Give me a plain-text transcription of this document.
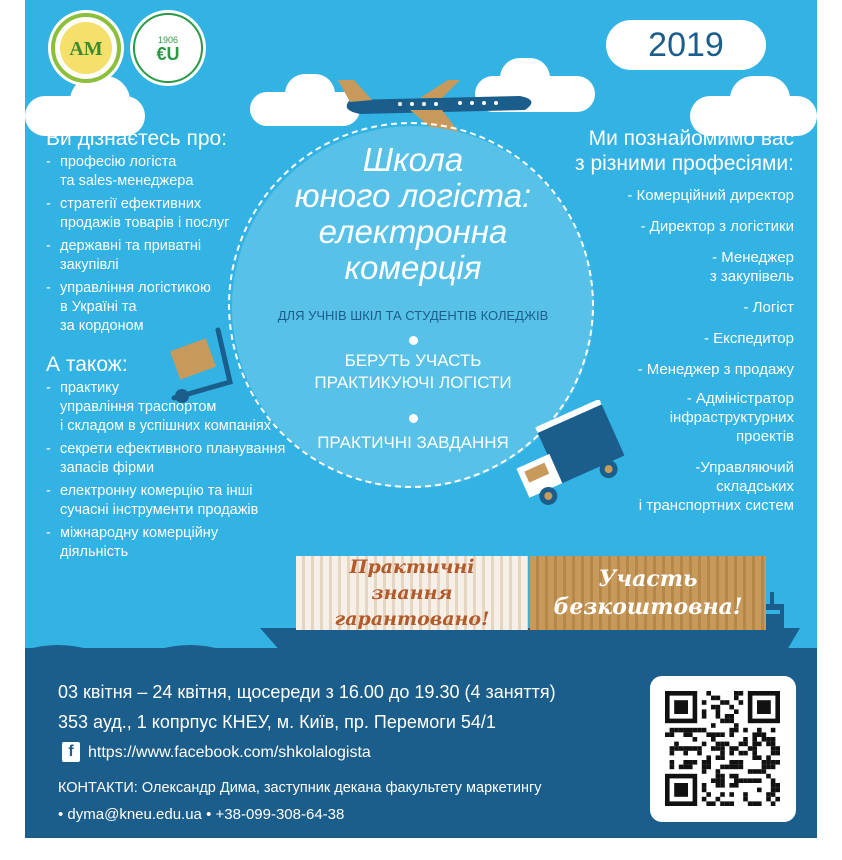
АМ	1906
€U	2019
Школа
юного логіста:
електронна
комерція
ДЛЯ УЧНІВ ШКІЛ ТА СТУДЕНТІВ КОЛЕДЖІВ
БЕРУТЬ УЧАСТЬ
ПРАКТИКУЮЧІ ЛОГІСТИ
ПРАКТИЧНІ ЗАВДАННЯ
Ви дізнаєтесь про:
- професію логіста
та sales-менеджера
- стратегії ефективних
продажів товарів і послуг
- державні та приватні
закупівлі
- управління логістикою
в Україні та
за кордоном
А також:
- практику
управління траспортом
і складом в успішних компаніях
- секрети ефективного планування
запасів фірми
- електронну комерцію та інші
сучасні інструменти продажів
- міжнародну комерційну
діяльність
Ми познайомимо вас
з різними професіями:
- Комерційний директор
- Директор з логістики
- Менеджер
з закупівель
- Логіст
- Експедитор
- Менеджер з продажу
- Адміністратор
інфраструктурних
проектів
-Управляючий
складських
і транспортних систем
Практичні
знання гарантовано!
Участь
безкоштовна!
03 квітня – 24 квітня, щосереди з 16.00 до 19.30 (4 заняття)
353 ауд., 1 копрпус КНЕУ, м. Київ, пр. Перемоги 54/1
f https://www.facebook.com/shkolalogista
КОНТАКТИ: Олександр Дима, заступник декана факультету маркетингу
• dyma@kneu.edu.ua • +38-099-308-64-38
